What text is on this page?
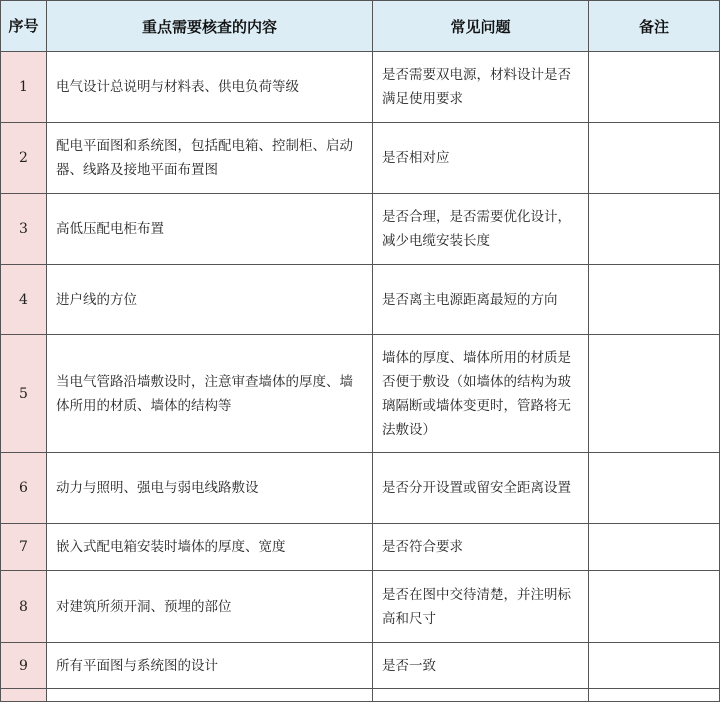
序号	重点需要核查的内容	常见问题	备注
1	电气设计总说明与材料表、供电负荷等级	是否需要双电源，材料设计是否满足使用要求	
2	配电平面图和系统图，包括配电箱、控制柜、启动器、线路及接地平面布置图	是否相对应	
3	高低压配电柜布置	是否合理，是否需要优化设计，减少电缆安装长度	
4	进户线的方位	是否离主电源距离最短的方向	
5	当电气管路沿墙敷设时，注意审查墙体的厚度、墙体所用的材质、墙体的结构等	墙体的厚度、墙体所用的材质是否便于敷设（如墙体的结构为玻璃隔断或墙体变更时，管路将无法敷设）	
6	动力与照明、强电与弱电线路敷设	是否分开设置或留安全距离设置	
7	嵌入式配电箱安装时墙体的厚度、宽度	是否符合要求	
8	对建筑所须开洞、预埋的部位	是否在图中交待清楚，并注明标高和尺寸	
9	所有平面图与系统图的设计	是否一致	
